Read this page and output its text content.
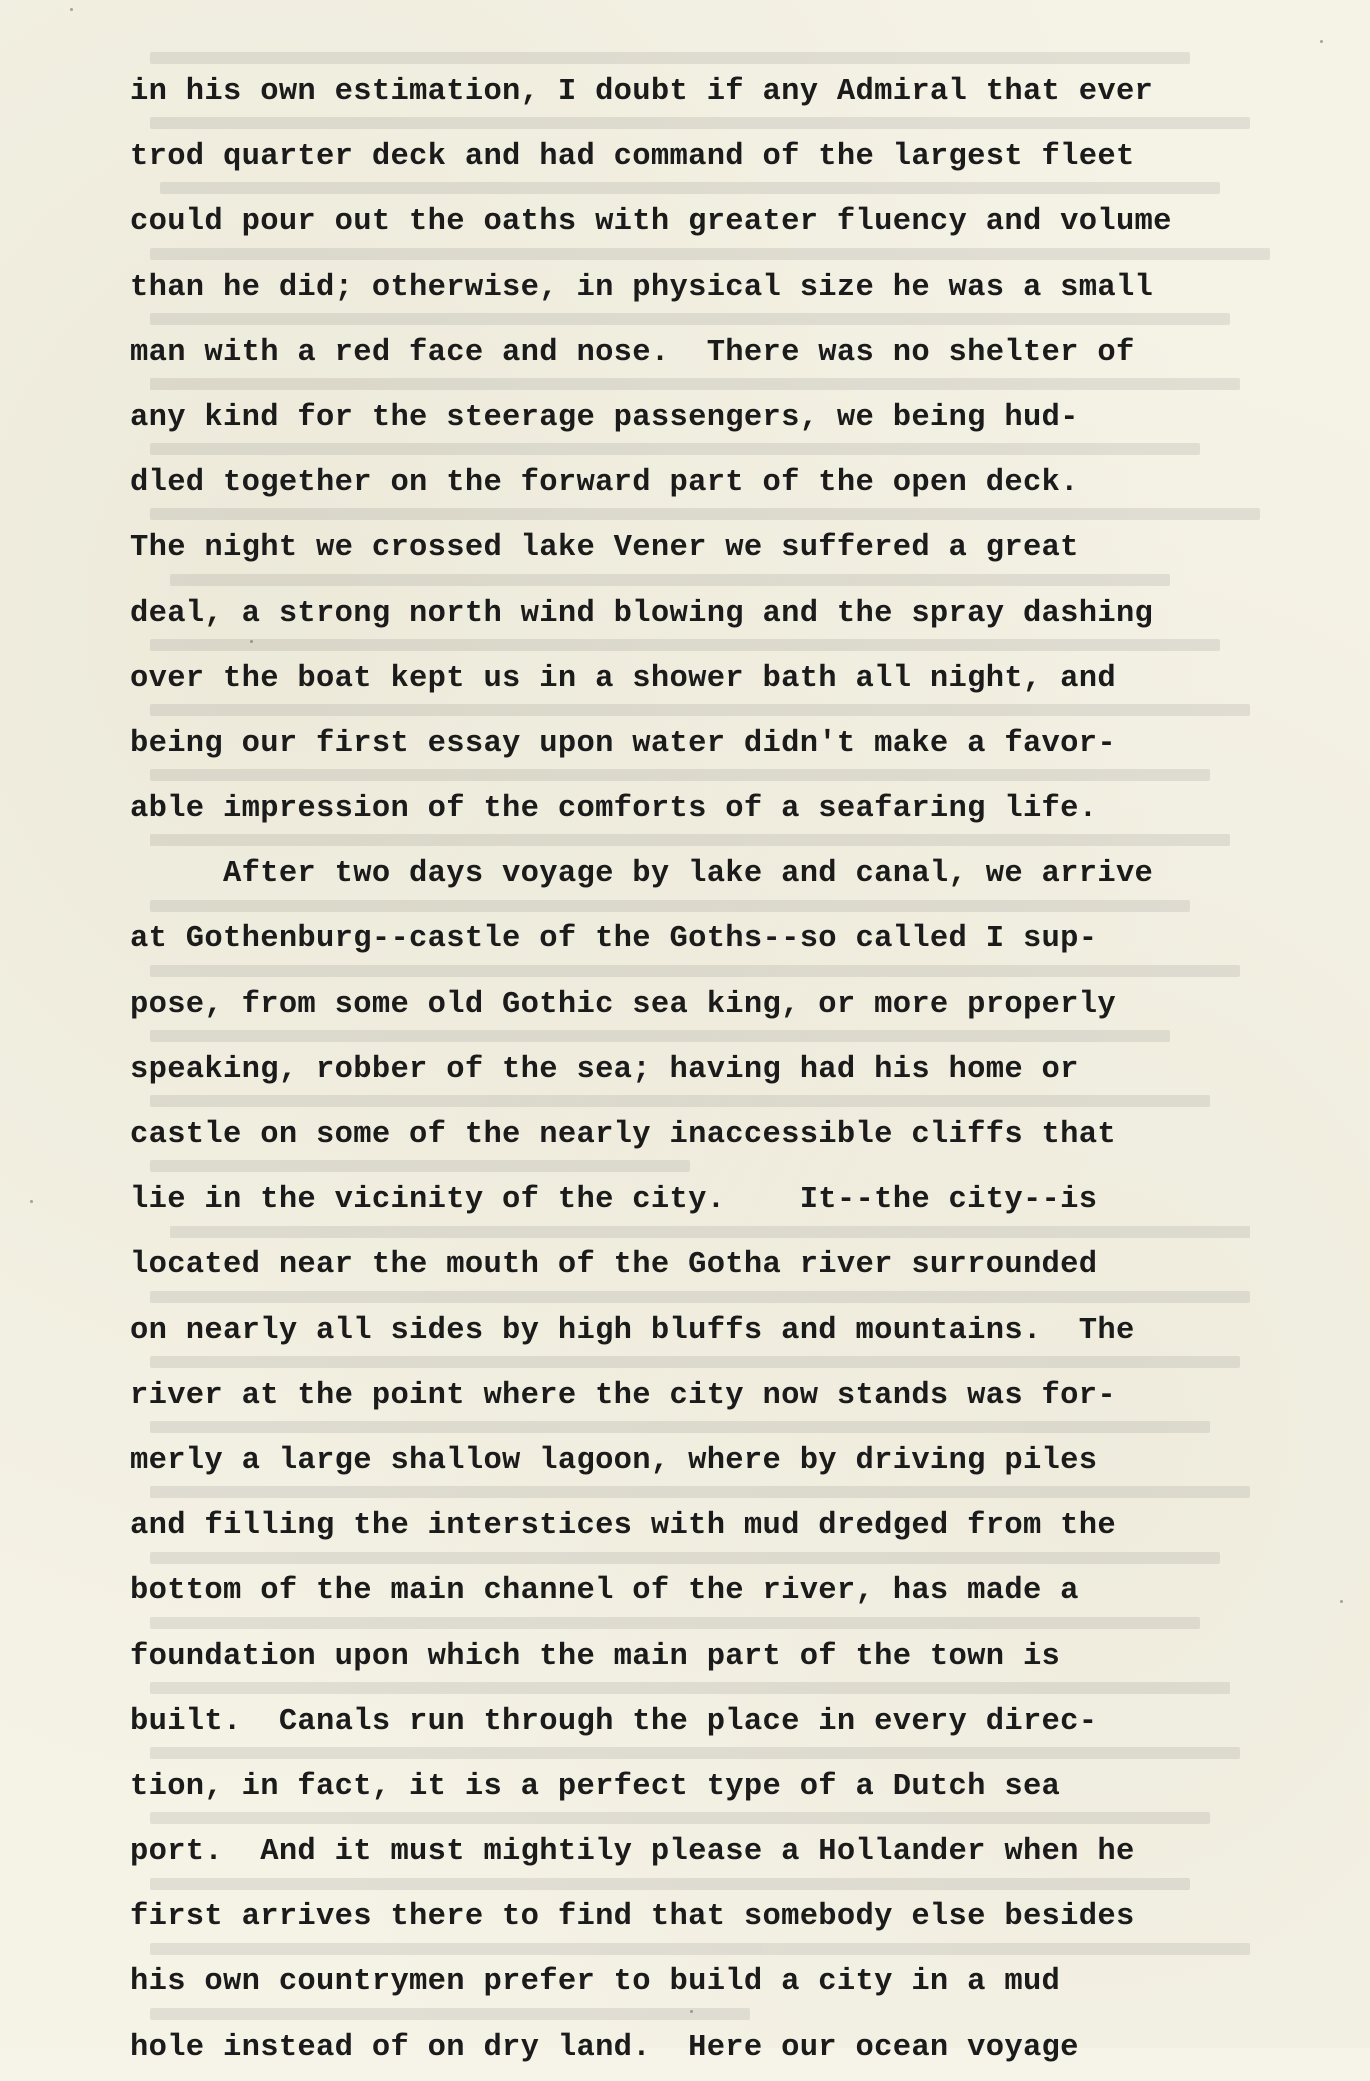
in his own estimation, I doubt if any Admiral that ever
trod quarter deck and had command of the largest fleet
could pour out the oaths with greater fluency and volume
than he did; otherwise, in physical size he was a small
man with a red face and nose.  There was no shelter of
any kind for the steerage passengers, we being hud-
dled together on the forward part of the open deck.
The night we crossed lake Vener we suffered a great
deal, a strong north wind blowing and the spray dashing
over the boat kept us in a shower bath all night, and
being our first essay upon water didn't make a favor-
able impression of the comforts of a seafaring life.
After two days voyage by lake and canal, we arrive
at Gothenburg--castle of the Goths--so called I sup-
pose, from some old Gothic sea king, or more properly
speaking, robber of the sea; having had his home or
castle on some of the nearly inaccessible cliffs that
lie in the vicinity of the city.    It--the city--is
located near the mouth of the Gotha river surrounded
on nearly all sides by high bluffs and mountains.  The
river at the point where the city now stands was for-
merly a large shallow lagoon, where by driving piles
and filling the interstices with mud dredged from the
bottom of the main channel of the river, has made a
foundation upon which the main part of the town is
built.  Canals run through the place in every direc-
tion, in fact, it is a perfect type of a Dutch sea
port.  And it must mightily please a Hollander when he
first arrives there to find that somebody else besides
his own countrymen prefer to build a city in a mud
hole instead of on dry land.  Here our ocean voyage
